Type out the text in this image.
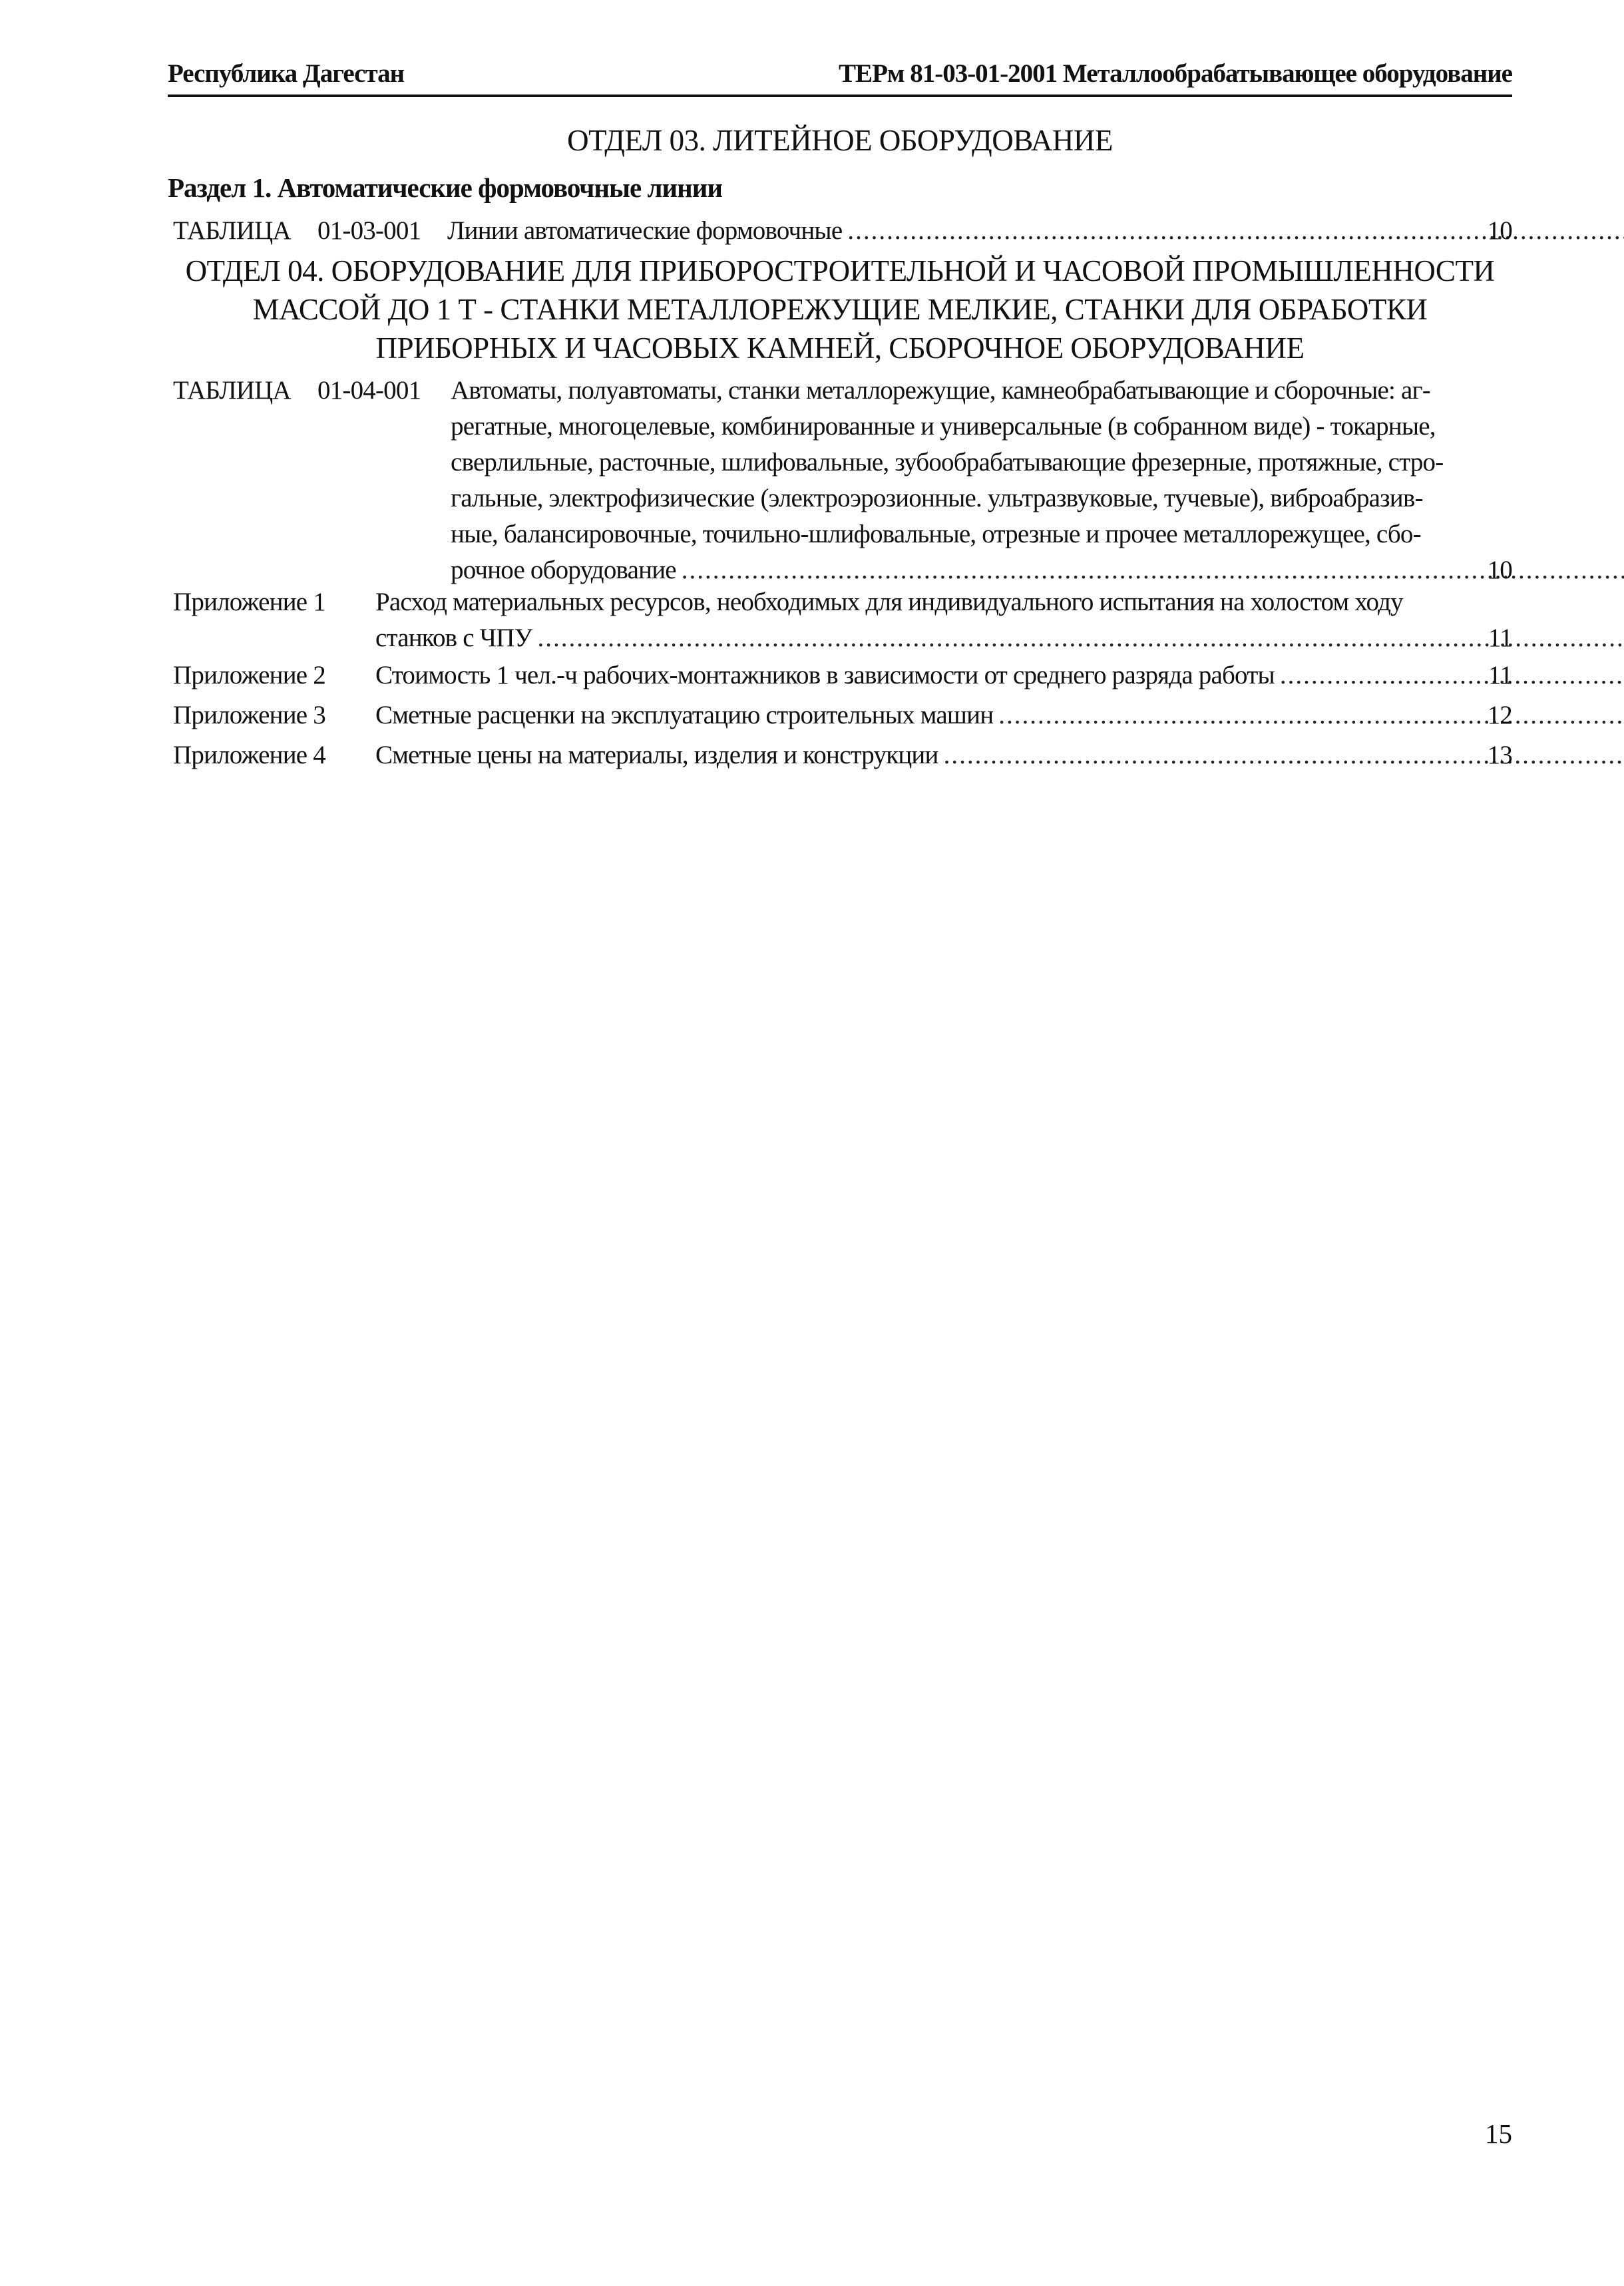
Республика Дагестан	ТЕРм 81-03-01-2001 Металлообрабатывающее оборудование
ОТДЕЛ 03. ЛИТЕЙНОЕ ОБОРУДОВАНИЕ
Раздел 1. Автоматические формовочные линии
ТАБЛИЦА 01-03-001 Линии автоматические формовочные .....	10
ОТДЕЛ 04. ОБОРУДОВАНИЕ ДЛЯ ПРИБОРОСТРОИТЕЛЬНОЙ И ЧАСОВОЙ ПРОМЫШЛЕННОСТИ
МАССОЙ ДО 1 Т - СТАНКИ МЕТАЛЛОРЕЖУЩИЕ МЕЛКИЕ, СТАНКИ ДЛЯ ОБРАБОТКИ
ПРИБОРНЫХ И ЧАСОВЫХ КАМНЕЙ, СБОРОЧНОЕ ОБОРУДОВАНИЕ
ТАБЛИЦА 01-04-001 Автоматы, полуавтоматы, станки металлорежущие, камнеобрабатывающие и сборочные: аг-
регатные, многоцелевые, комбинированные и универсальные (в собранном виде) - токарные,
сверлильные, расточные, шлифовальные, зубообрабатывающие фрезерные, протяжные, стро-
гальные, электрофизические (электроэрозионные. ультразвуковые, тучевые), виброабразив-
ные, балансировочные, точильно-шлифовальные, отрезные и прочее металлорежущее, сбо-
рочное оборудование .....	10
Приложение 1 Расход материальных ресурсов, необходимых для индивидуального испытания на холостом ходу
станков с ЧПУ .....	11
Приложение 2 Стоимость 1 чел.-ч рабочих-монтажников в зависимости от среднего разряда работы .....	11
Приложение 3 Сметные расценки на эксплуатацию строительных машин .....	12
Приложение 4 Сметные цены на материалы, изделия и конструкции .....	13
15
